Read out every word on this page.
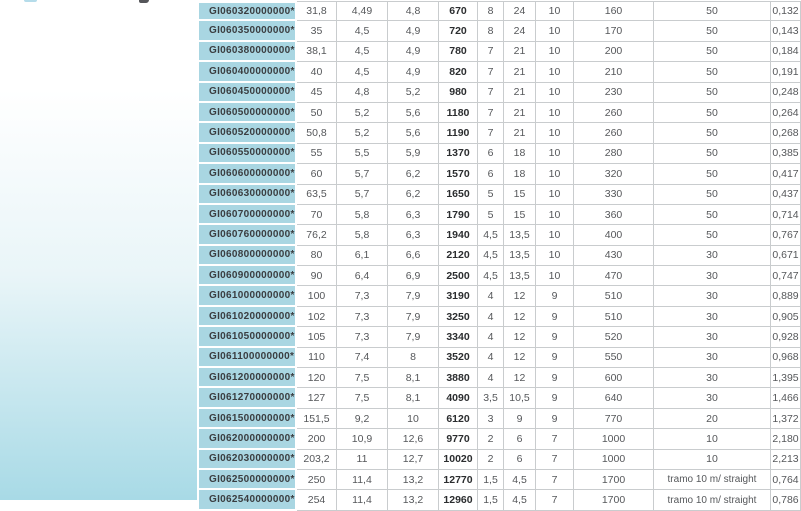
GI060320000000*	31,8	4,49	4,8	670	8	24	10	160	50	0,132
GI060350000000*	35	4,5	4,9	720	8	24	10	170	50	0,143
GI060380000000*	38,1	4,5	4,9	780	7	21	10	200	50	0,184
GI060400000000*	40	4,5	4,9	820	7	21	10	210	50	0,191
GI060450000000*	45	4,8	5,2	980	7	21	10	230	50	0,248
GI060500000000*	50	5,2	5,6	1180	7	21	10	260	50	0,264
GI060520000000*	50,8	5,2	5,6	1190	7	21	10	260	50	0,268
GI060550000000*	55	5,5	5,9	1370	6	18	10	280	50	0,385
GI060600000000*	60	5,7	6,2	1570	6	18	10	320	50	0,417
GI060630000000*	63,5	5,7	6,2	1650	5	15	10	330	50	0,437
GI060700000000*	70	5,8	6,3	1790	5	15	10	360	50	0,714
GI060760000000*	76,2	5,8	6,3	1940	4,5	13,5	10	400	50	0,767
GI060800000000*	80	6,1	6,6	2120	4,5	13,5	10	430	30	0,671
GI060900000000*	90	6,4	6,9	2500	4,5	13,5	10	470	30	0,747
GI061000000000*	100	7,3	7,9	3190	4	12	9	510	30	0,889
GI061020000000*	102	7,3	7,9	3250	4	12	9	510	30	0,905
GI061050000000*	105	7,3	7,9	3340	4	12	9	520	30	0,928
GI061100000000*	110	7,4	8	3520	4	12	9	550	30	0,968
GI061200000000*	120	7,5	8,1	3880	4	12	9	600	30	1,395
GI061270000000*	127	7,5	8,1	4090	3,5	10,5	9	640	30	1,466
GI061500000000* 151,5	9,2	10	6120	3	9	9	770	20	1,372
GI062000000000*	200	10,9	12,6	9770	2	6	7	1000	10	2,180
GI062030000000* 203,2	11	12,7	10020	2	6	7	1000	10	2,213
GI062500000000*	250	11,4	13,2	12770	1,5	4,5	7	1700	tramo 10 m/ straight	0,764
GI062540000000*	254	11,4	13,2	12960	1,5	4,5	7	1700	tramo 10 m/ straight	0,786
